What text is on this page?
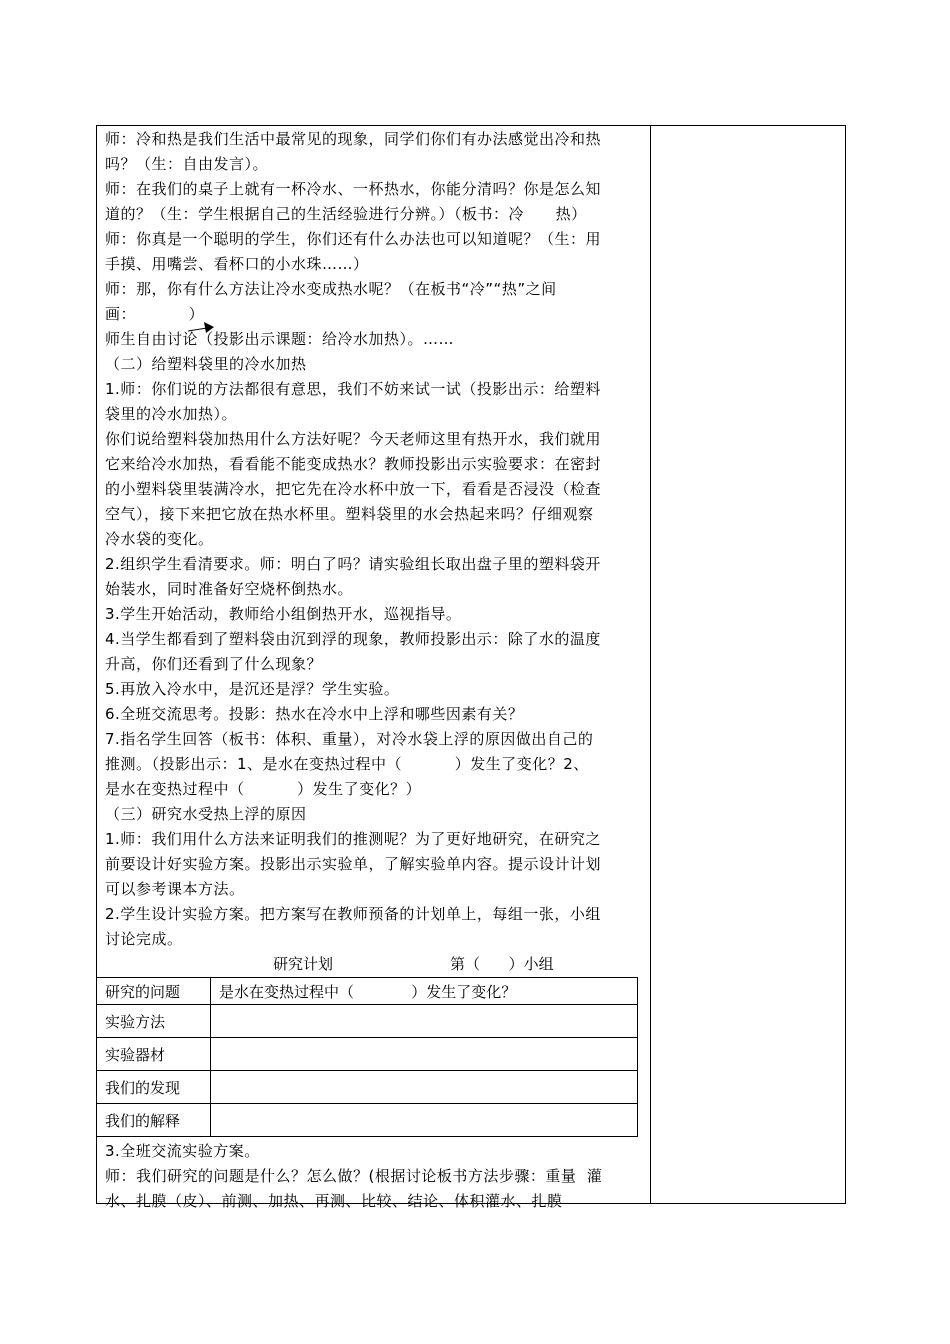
师：冷和热是我们生活中最常见的现象，同学们你们有办法感觉出冷和热
吗？（生：自由发言）。

师：在我们的桌子上就有一杯冷水、一杯热水，你能分清吗？你是怎么知
道的？（生：学生根据自己的生活经验进行分辨。）（板书：冷      热）

师：你真是一个聪明的学生，你们还有什么办法也可以知道呢？（生：用
手摸、用嘴尝、看杯口的小水珠……）

师：那，你有什么方法让冷水变成热水呢？（在板书“冷”“热”之间
画：          ）

师生自由讨论（投影出示课题：给冷水加热）。……

（二）给塑料袋里的冷水加热

1.师：你们说的方法都很有意思，我们不妨来试一试（投影出示：给塑料
袋里的冷水加热）。

你们说给塑料袋加热用什么方法好呢？今天老师这里有热开水，我们就用
它来给冷水加热，看看能不能变成热水？教师投影出示实验要求：在密封
的小塑料袋里装满冷水，把它先在冷水杯中放一下，看看是否浸没（检查
空气），接下来把它放在热水杯里。塑料袋里的水会热起来吗？仔细观察
冷水袋的变化。

2.组织学生看清要求。师：明白了吗？请实验组长取出盘子里的塑料袋开
始装水，同时准备好空烧杯倒热水。

3.学生开始活动，教师给小组倒热开水，巡视指导。

4.当学生都看到了塑料袋由沉到浮的现象，教师投影出示：除了水的温度
升高，你们还看到了什么现象？

5.再放入冷水中，是沉还是浮？学生实验。

6.全班交流思考。投影：热水在冷水中上浮和哪些因素有关？

7.指名学生回答（板书：体积、重量），对冷水袋上浮的原因做出自己的
推测。（投影出示：1、是水在变热过程中（          ）发生了变化？2、
是水在变热过程中（          ）发生了变化？）

（三）研究水受热上浮的原因

1.师：我们用什么方法来证明我们的推测呢？为了更好地研究，在研究之
前要设计好实验方案。投影出示实验单，了解实验单内容。提示设计计划
可以参考课本方法。

2.学生设计实验方案。把方案写在教师预备的计划单上，每组一张，小组
讨论完成。

研究计划	第（      ）小组
研究的问题	是水在变热过程中（            ）发生了变化？
实验方法	
实验器材	
我们的发现	
我们的解释	

3.全班交流实验方案。

师：我们研究的问题是什么？怎么做？(根据讨论板书方法步骤：重量  灌
水、扎膜（皮）、前测、加热、再测、比较、结论、体积灌水、扎膜
